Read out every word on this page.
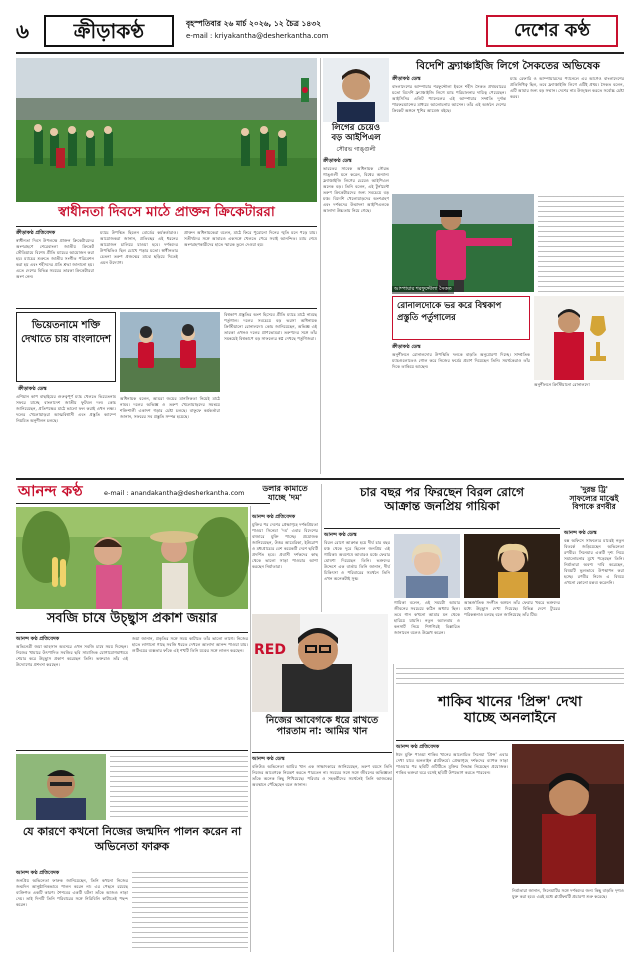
৬	ক্রীড়াকণ্ঠ	বৃহস্পতিবার ২৬ মার্চ ২০২৬, ১২ চৈত্র ১৪৩২
e-mail : kriyakantha@desherkantha.com	দেশের কণ্ঠ
স্বাধীনতা দিবসে মাঠে প্রাক্তন ক্রিকেটাররা
ক্রীড়াকণ্ঠ প্রতিবেদক
স্বাধীনতা দিবস উপলক্ষে প্রাক্তন ক্রিকেটারদের অংশগ্রহণে শেরেবাংলা জাতীয় ক্রিকেট স্টেডিয়ামে বিশেষ প্রীতি ম্যাচের আয়োজন করা হয়। ম্যাচের শুরুতে জাতীয় সংগীত পরিবেশন করা হয় এবং শহীদদের প্রতি শ্রদ্ধা জানানো হয়। এতে দেশের বিভিন্ন সময়ের তারকা ক্রিকেটাররা অংশ নেন।
ম্যাচে উপস্থিত ছিলেন বোর্ডের কর্মকর্তারাও। আয়োজকরা জানান, প্রতিবছর এই ধরনের আয়োজন চালিয়ে যাওয়া হবে। দর্শকদের উপস্থিতিও ছিল চোখে পড়ার মতো। স্বাধীনতার চেতনা তরুণ প্রজন্মের মাঝে ছড়িয়ে দিতেই এমন উদ্যোগ।
প্রাক্তন অধিনায়কেরা বলেন, মাঠে ফিরে পুরোনো দিনের স্মৃতি মনে পড়ে যায়। সতীর্থদের সঙ্গে আবারও একসঙ্গে খেলতে পেরে সবাই আনন্দিত। ম্যাচ শেষে অংশগ্রহণকারীদের হাতে স্মারক তুলে দেওয়া হয়।
ভিয়েতনামে শক্তি দেখাতে চায় বাংলাদেশ
ক্রীড়াকণ্ঠ ডেস্ক
এশিয়ান কাপ বাছাইয়ের গুরুত্বপূর্ণ ম্যাচ খেলতে ভিয়েতনাম সফরে যাচ্ছে বাংলাদেশ জাতীয় ফুটবল দল। কোচ জানিয়েছেন, প্রতিপক্ষের মাঠে ভালো ফল করাই এখন লক্ষ্য। দলের খেলোয়াড়রা আত্মবিশ্বাসী এবং প্রস্তুতি ক্যাম্পে নিয়মিত অনুশীলন চলছে।
অধিনায়ক বলেন, আমরা জয়ের মানসিকতা নিয়েই মাঠে নামব। দলের অভিজ্ঞ ও তরুণ খেলোয়াড়দের সমন্বয়ে শক্তিশালী একাদশ গড়ার চেষ্টা চলছে। বাফুফে কর্মকর্তারা জানান, সফরের সব প্রস্তুতি সম্পন্ন হয়েছে।
বিশ্বকাপ প্রস্তুতির অংশ হিসেবে প্রীতি ম্যাচে মাঠে নামছে পর্তুগাল। দলের সবচেয়ে বড় ভরসা অধিনায়ক ক্রিস্টিয়ানো রোনালদো। কোচ জানিয়েছেন, অভিজ্ঞ এই তারকা এখনও দলের প্রাণভোমরা। তরুণদের সঙ্গে তাঁর সমন্বয়েই বিশ্বকাপে বড় সাফল্যের স্বপ্ন দেখছে পর্তুগিজরা।
লিগের চেয়েও
বড় আইপিএল
সৌরভ গাঙ্গুলী
ক্রীড়াকণ্ঠ ডেস্ক
ভারতের সাবেক অধিনায়ক সৌরভ গাঙ্গুলী মনে করেন, বিশ্বের অন্যান্য ফ্র্যাঞ্চাইজি লিগের চেয়েও আইপিএল অনেক বড়। তিনি বলেন, এই টুর্নামেন্ট তরুণ ক্রিকেটারদের জন্য সবচেয়ে বড় মঞ্চ। বিদেশি খেলোয়াড়দের অংশগ্রহণ এবং দর্শকদের উন্মাদনা আইপিএলকে আলাদা উচ্চতায় নিয়ে গেছে।
বিদেশি ফ্র্যাঞ্চাইজি লিগে সৈকতের অভিষেক
ক্রীড়াকণ্ঠ ডেস্ক
বাংলাদেশের আম্পায়ার শরফুদ্দৌলা ইবনে শহীদ সৈকত প্রথমবারের মতো বিদেশি ফ্র্যাঞ্চাইজি লিগে ম্যাচ পরিচালনার দায়িত্ব পেয়েছেন। আইসিসির এলিট প্যানেলের এই আম্পায়ার সম্প্রতি দুর্দান্ত পারফরম্যান্সের মাধ্যমে আলোচনায় আসেন। তাঁর এই অর্জনে দেশের ক্রিকেট অঙ্গনে খুশির আমেজ বইছে।
ম্যাচ রেফারি ও আম্পায়ারদের প্যানেলে এর আগেও বাংলাদেশের প্রতিনিধিত্ব ছিল, তবে ফ্র্যাঞ্চাইজি লিগে এটিই প্রথম। সৈকত বলেন, এটি আমার জন্য বড় সম্মান। দেশের নাম উজ্জ্বল করতে সর্বোচ্চ চেষ্টা করব।
আম্পায়ার শরফুদ্দৌলা সৈকত
রোনালদোকে ভর করে বিশ্বকাপ প্রস্তুতি পর্তুগালের
ক্রীড়াকণ্ঠ ডেস্ক
অনুশীলনে রোনালদোর উপস্থিতি দলকে বাড়তি অনুপ্রেরণা দিচ্ছে। সাম্প্রতিক ম্যাচগুলোতেও গোল করে নিজের ফর্মের প্রমাণ দিয়েছেন তিনি। সমর্থকেরাও তাঁর দিকে তাকিয়ে আছেন।
অনুশীলনে ক্রিস্টিয়ানো রোনালদো
আনন্দ কণ্ঠ	e-mail : anandakantha@desherkantha.com
সবজি চাষে উচ্ছ্বাস প্রকাশ জয়ার
আনন্দ কণ্ঠ প্রতিবেদক
অভিনেত্রী জয়া আহসান অবসরে এখন সবজি চাষে সময় দিচ্ছেন। নিজের খামারে উৎপাদিত সবজির ছবি সামাজিক যোগাযোগমাধ্যমে শেয়ার করে উচ্ছ্বাস প্রকাশ করেছেন তিনি। ভক্তরাও তাঁর এই উদ্যোগের প্রশংসা করছেন।
জয়া জানান, প্রকৃতির সঙ্গে সময় কাটাতে তাঁর ভালো লাগে। নিজের হাতে লাগানো গাছে সবজি ধরতে দেখলে আলাদা আনন্দ পাওয়া যায়। শুটিংয়ের ব্যস্ততার ফাঁকে এই শখটি তিনি যত্নের সঙ্গে লালন করছেন।
যে কারণে কখনো নিজের জন্মদিন পালন করেন না অভিনেতা ফারুক
আনন্দ কণ্ঠ প্রতিবেদক
জনপ্রিয় অভিনেতা ফারুক জানিয়েছেন, তিনি কখনো নিজের জন্মদিন আনুষ্ঠানিকভাবে পালন করেন না। এর পেছনে রয়েছে ব্যক্তিগত একটি কারণ। শৈশবের একটি ঘটনা তাঁকে আজও নাড়া দেয়। তাই দিনটি তিনি পরিবারের সঙ্গে নিরিবিলি কাটাতেই পছন্দ করেন।
ডলার কামাতে
যাচ্ছে 'দম'
আনন্দ কণ্ঠ প্রতিবেদক
মুক্তির পর দেশের প্রেক্ষাগৃহে দর্শকপ্রিয়তা পাওয়া সিনেমা 'দম' এবার বিদেশের বাজারে মুক্তি পাচ্ছে। প্রযোজক জানিয়েছেন, উত্তর আমেরিকা, ইউরোপ ও মধ্যপ্রাচ্যের বেশ কয়েকটি দেশে ছবিটি প্রদর্শিত হবে। প্রবাসী দর্শকদের কাছ থেকে ভালো সাড়া পাওয়ার আশা করছেন নির্মাতারা।
চার বছর পর ফিরছেন বিরল রোগে
আক্রান্ত জনপ্রিয় গায়িকা
আনন্দ কণ্ঠ ডেস্ক
বিরল রোগে আক্রান্ত হয়ে দীর্ঘ চার বছর মঞ্চ থেকে দূরে ছিলেন জনপ্রিয় এই গায়িকা। অবশেষে আবারও মঞ্চে ফেরার ঘোষণা দিয়েছেন তিনি। ভক্তদের উদ্দেশে এক বার্তায় তিনি জানান, দীর্ঘ চিকিৎসা ও পরিবারের সমর্থনে তিনি এখন অনেকটাই সুস্থ।
গায়িকা বলেন, এই সময়টা আমার জীবনের সবচেয়ে কঠিন অধ্যায় ছিল। তবে গান কখনো আমার মন থেকে হারিয়ে যায়নি। নতুন অ্যালবাম ও কনসার্ট নিয়ে শিগগিরই বিস্তারিত জানাবেন বলেও উল্লেখ করেন।
আন্তর্জাতিক সংগীত অঙ্গনে তাঁর ফেরার খবরে ভক্তদের মধ্যে উচ্ছ্বাস দেখা দিয়েছে। বিভিন্ন দেশে ট্যুরের পরিকল্পনাও চলছে বলে জানিয়েছে তাঁর টিম।
'দুরন্ত ট্রি'
সাফল্যের মাঝেই
বিপাকে রণবীর
আনন্দ কণ্ঠ ডেস্ক
বক্স অফিসে সাফল্যের মাঝেই নতুন বিতর্কে জড়িয়েছেন অভিনেতা রণবীর। সিনেমার একটি দৃশ্য নিয়ে সমালোচনার মুখে পড়েছেন তিনি। নির্মাতারা অবশ্য দাবি করেছেন, বিষয়টি ভুলভাবে উপস্থাপন করা হচ্ছে। রণবীর নিজে এ বিষয়ে এখনো কোনো মন্তব্য করেননি।
RED
নিজের আবেগকে ধরে রাখতে
পারতাম না: আমির খান
আনন্দ কণ্ঠ ডেস্ক
বলিউড অভিনেতা আমির খান এক সাক্ষাৎকারে জানিয়েছেন, তরুণ বয়সে তিনি নিজের আবেগকে নিয়ন্ত্রণ করতে পারতেন না। সময়ের সঙ্গে সঙ্গে জীবনের অভিজ্ঞতা তাঁকে অনেক কিছু শিখিয়েছে। পরিবার ও সহকর্মীদের সমর্থনেই তিনি আজকের অবস্থানে পৌঁছেছেন বলে জানান।
শাকিব খানের 'প্রিন্স' দেখা
যাচ্ছে অনলাইনে
আনন্দ কণ্ঠ প্রতিবেদক
ঈদে মুক্তি পাওয়া শাকিব খানের আলোচিত সিনেমা 'প্রিন্স' এবার দেখা যাবে অনলাইন প্ল্যাটফর্মে। প্রেক্ষাগৃহে দর্শকদের ব্যাপক সাড়া পাওয়ার পর ছবিটি ওটিটিতে মুক্তির সিদ্ধান্ত নিয়েছেন প্রযোজক। শাকিব ভক্তরা ঘরে বসেই ছবিটি উপভোগ করতে পারবেন।
নির্মাতারা জানান, সিনেমাটির সঙ্গে দর্শকদের জন্য কিছু বাড়তি দৃশ্যও যুক্ত করা হবে। এরই মধ্যে প্ল্যাটফর্মটি প্রচারণা শুরু করেছে।
